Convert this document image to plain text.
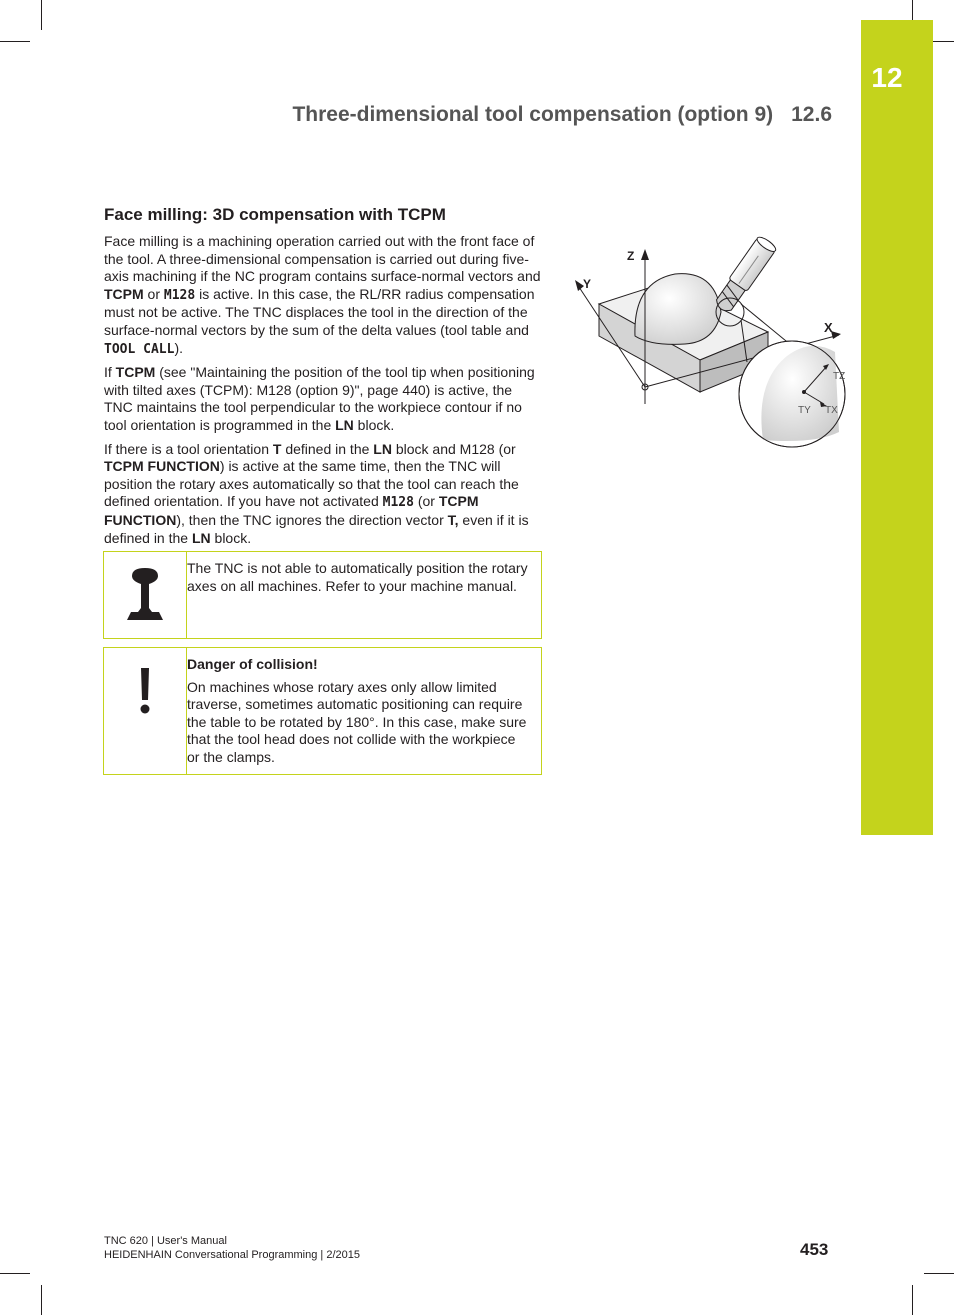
12
Three-dimensional tool compensation (option 9) 12.6
Face milling: 3D compensation with TCPM

Face milling is a machining operation carried out with the front face of the tool. A three-dimensional compensation is carried out during five-axis machining if the NC program contains surface-normal vectors and TCPM or M128 is active. In this case, the RL/RR radius compensation must not be active. The TNC displaces the tool in the direction of the surface-normal vectors by the sum of the delta values (tool table and TOOL CALL).

If TCPM (see "Maintaining the position of the tool tip when positioning with tilted axes (TCPM): M128 (option 9)", page 440) is active, the TNC maintains the tool perpendicular to the workpiece contour if no tool orientation is programmed in the LN block.

If there is a tool orientation T defined in the LN block and M128 (or TCPM FUNCTION) is active at the same time, then the TNC will position the rotary axes automatically so that the tool can reach the defined orientation. If you have not activated M128 (or TCPM FUNCTION), then the TNC ignores the direction vector T, even if it is defined in the LN block.

The TNC is not able to automatically position the rotary axes on all machines. Refer to your machine manual.

Danger of collision!

On machines whose rotary axes only allow limited traverse, sometimes automatic positioning can require the table to be rotated by 180°. In this case, make sure that the tool head does not collide with the workpiece or the clamps.

Z
Y
X
TZ
TY TX
TNC 620 | User's Manual
HEIDENHAIN Conversational Programming | 2/2015	453
